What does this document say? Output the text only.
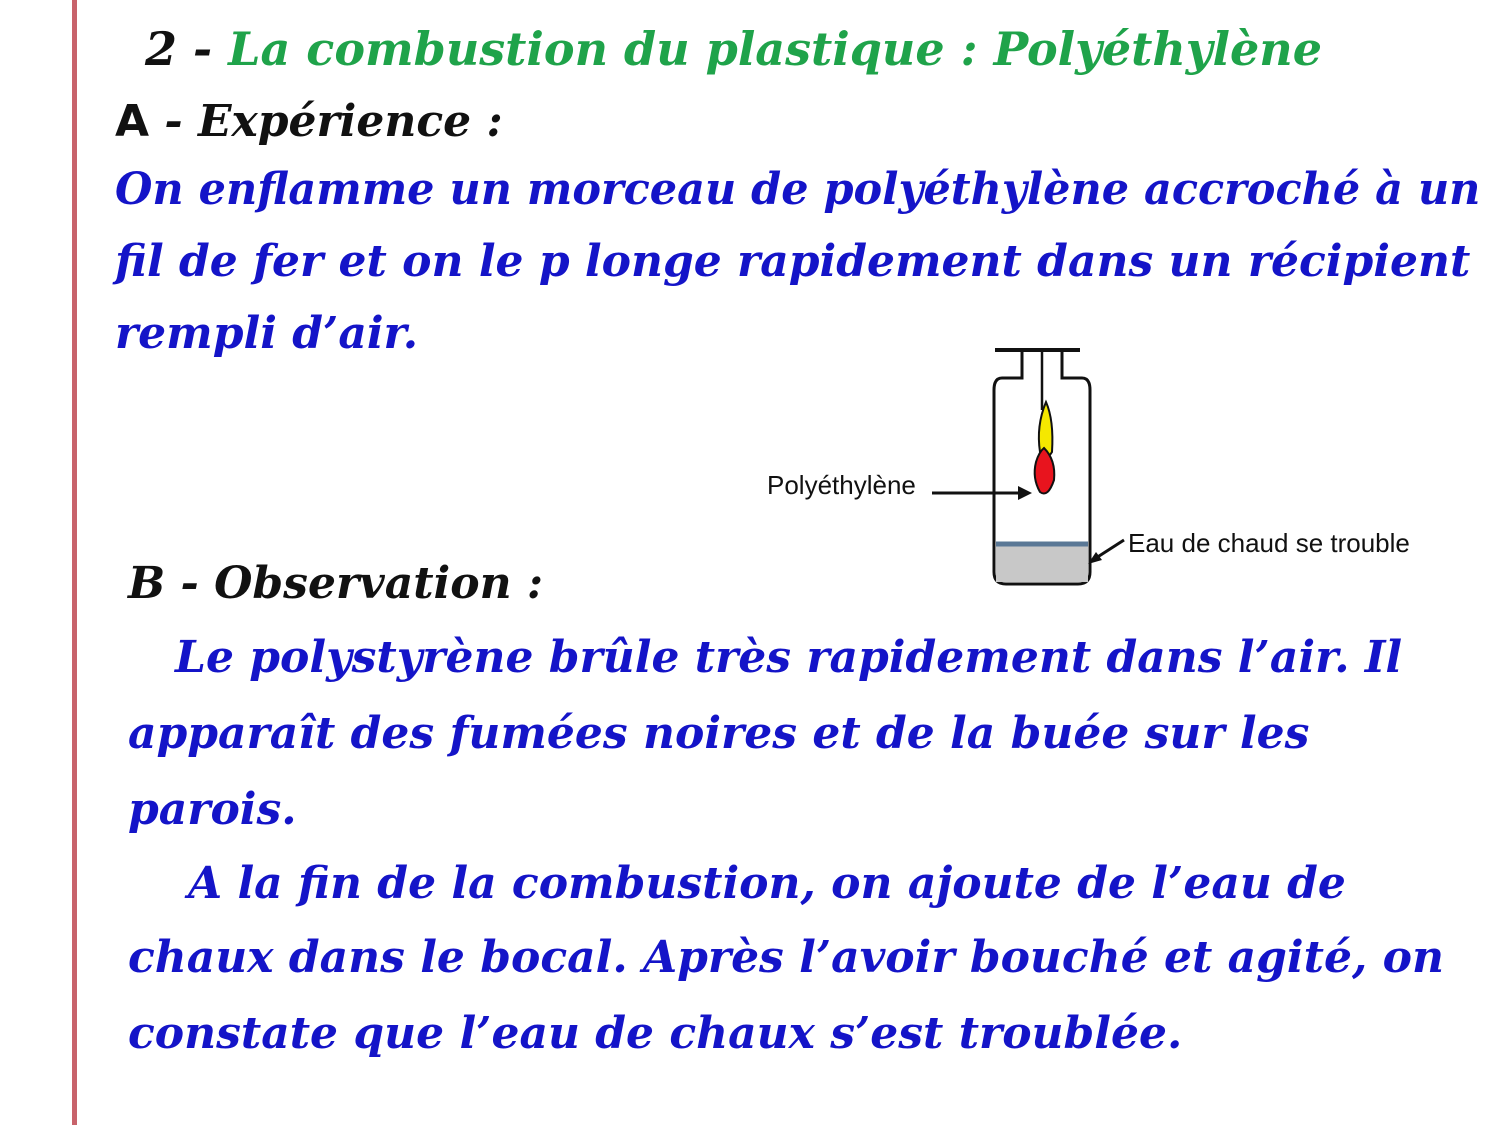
2 - La combustion du plastique : Polyéthylène
A - Expérience :
On enflamme un morceau de polyéthylène accroché à un
fil de fer et on le p longe rapidement dans un récipient
rempli d’air.
Polyéthylène
Eau de chaud se trouble
B - Observation :
Le polystyrène brûle très rapidement dans l’air. Il
apparaît des fumées noires et de la buée sur les
parois.
A la fin de la combustion, on ajoute de l’eau de
chaux dans le bocal. Après l’avoir bouché et agité, on
constate que l’eau de chaux s’est troublée.
